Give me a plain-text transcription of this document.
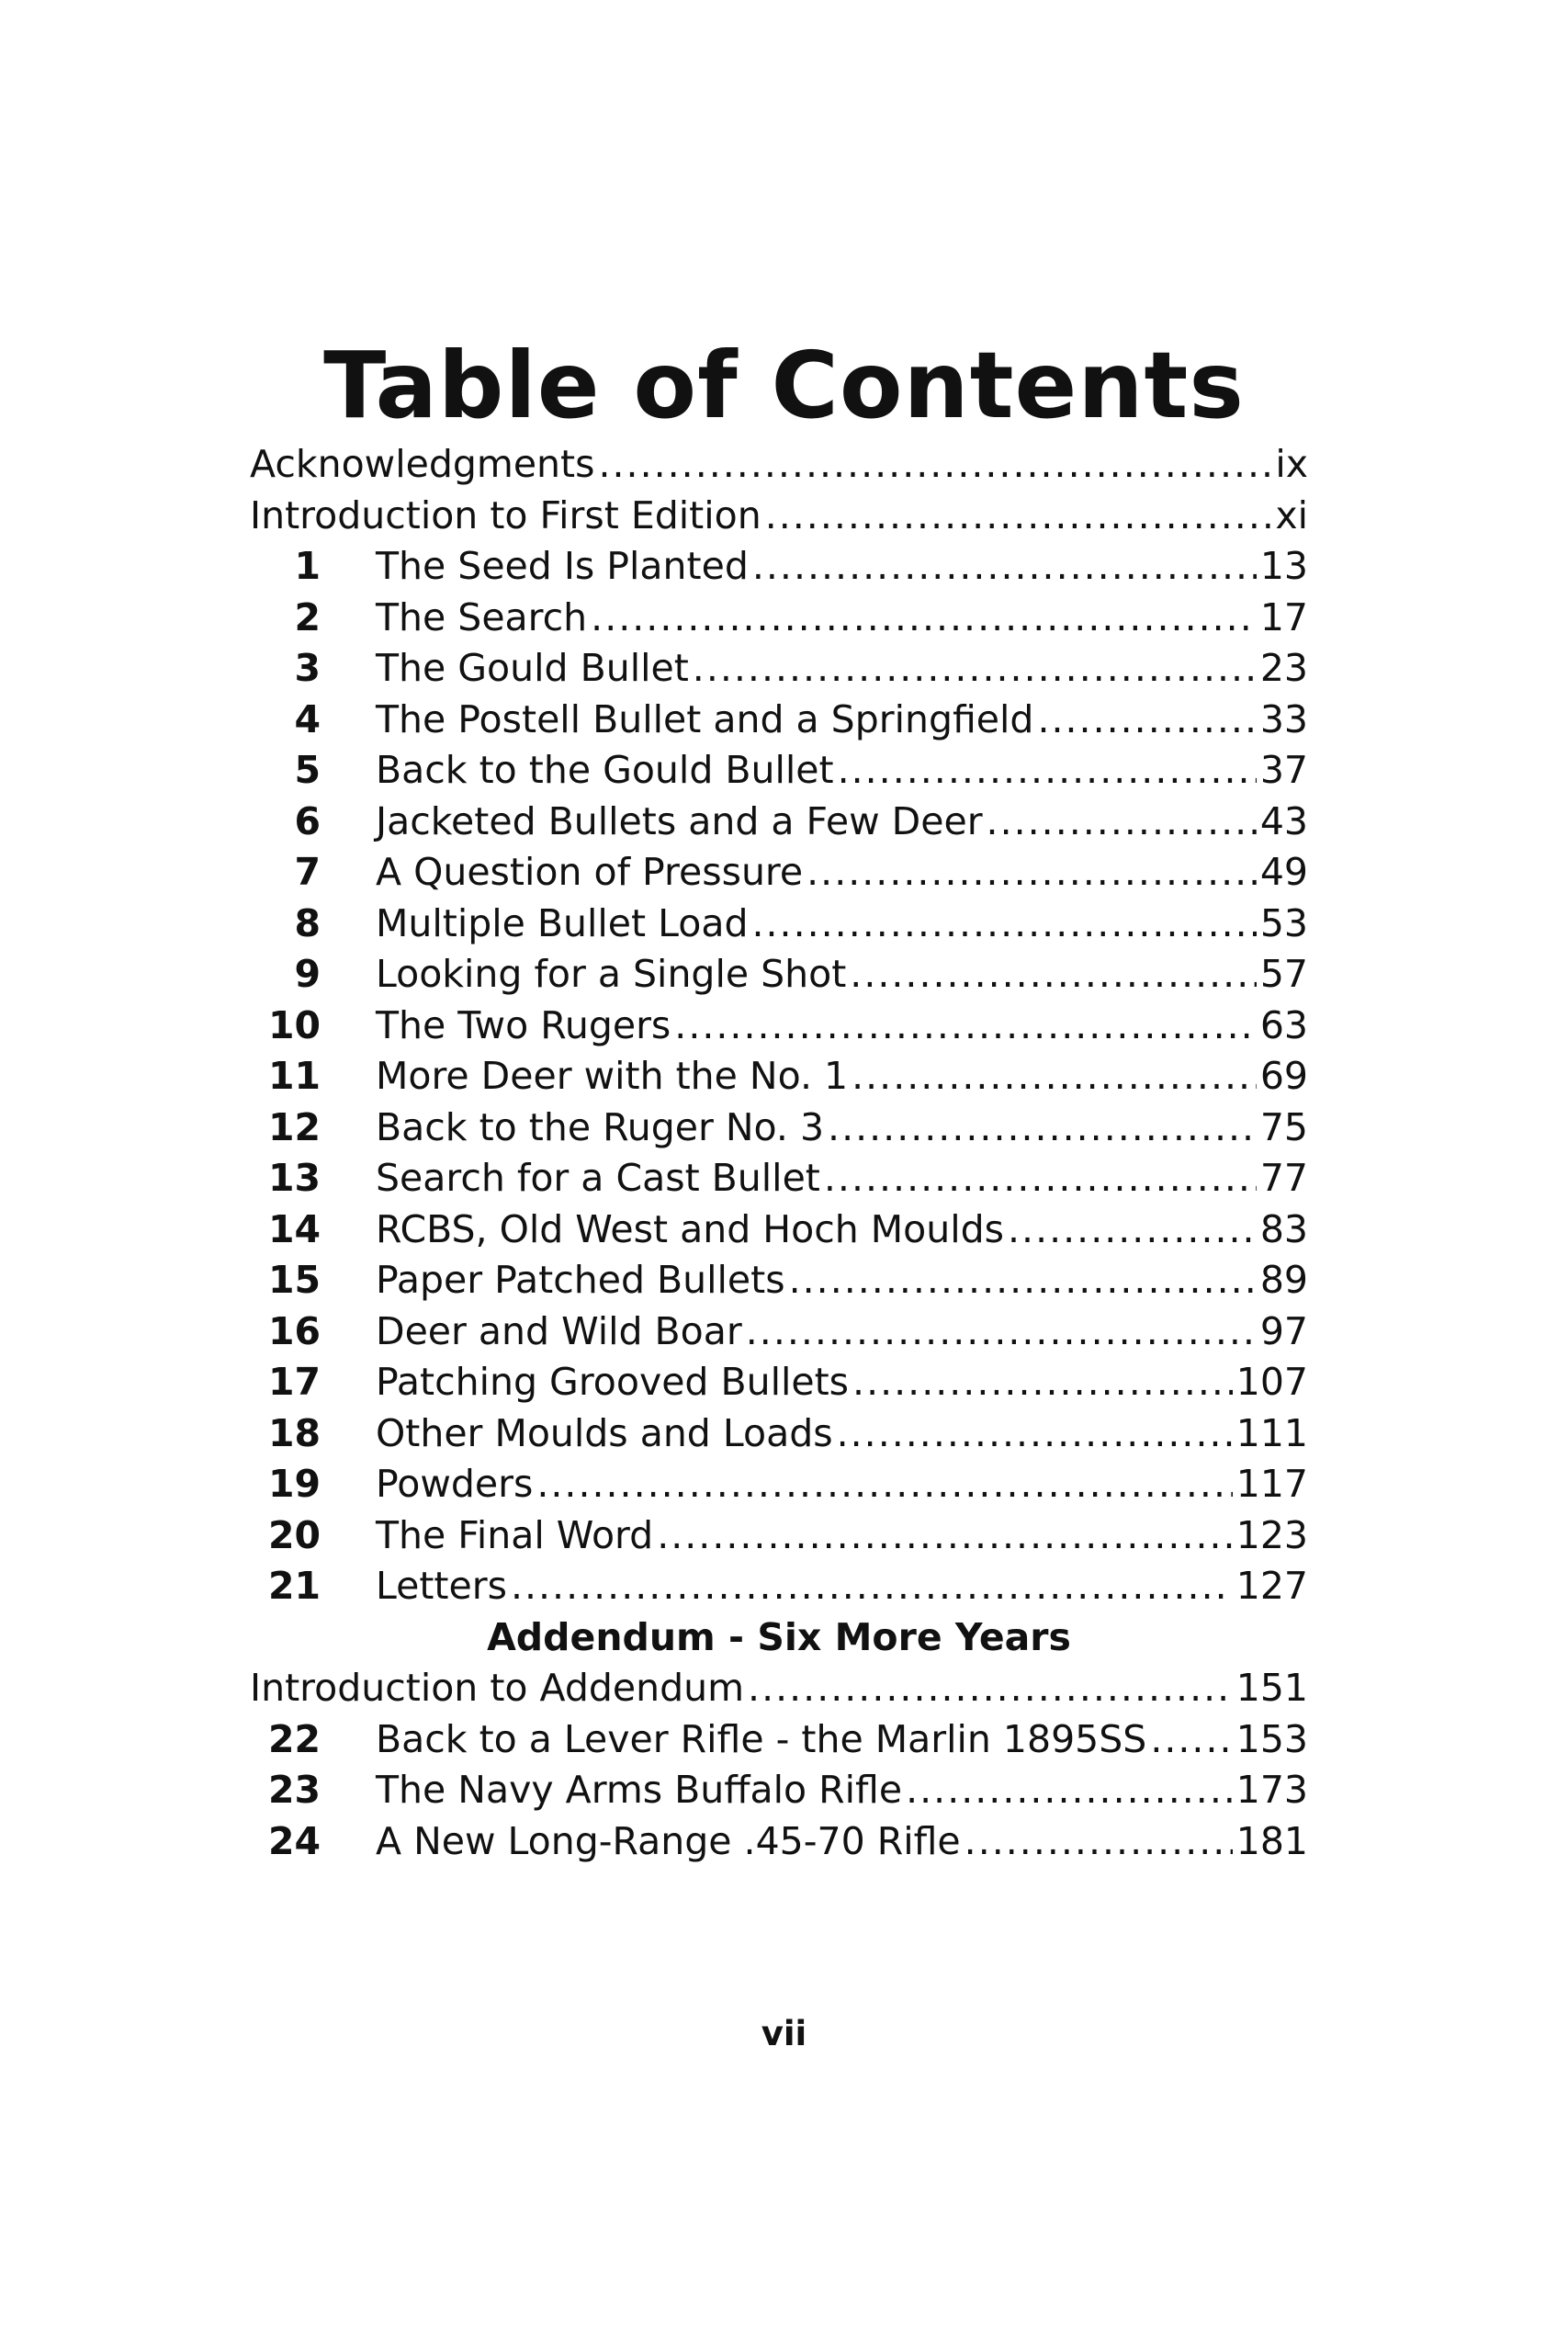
Table of Contents
Acknowledgments .....	ix
Introduction to First Edition .....	xi
1 The Seed Is Planted .....	13
2 The Search .....	17
3 The Gould Bullet .....	23
4 The Postell Bullet and a Springfield .....	33
5 Back to the Gould Bullet .....	37
6 Jacketed Bullets and a Few Deer .....	43
7 A Question of Pressure .....	49
8 Multiple Bullet Load .....	53
9 Looking for a Single Shot .....	57
10 The Two Rugers .....	63
11 More Deer with the No. 1 .....	69
12 Back to the Ruger No. 3 .....	75
13 Search for a Cast Bullet .....	77
14 RCBS, Old West and Hoch Moulds .....	83
15 Paper Patched Bullets .....	89
16 Deer and Wild Boar .....	97
17 Patching Grooved Bullets .....	107
18 Other Moulds and Loads .....	111
19 Powders .....	117
20 The Final Word .....	123
21 Letters .....	127
Addendum - Six More Years
Introduction to Addendum .....	151
22 Back to a Lever Rifle - the Marlin 1895SS ..... 153
23 The Navy Arms Buffalo Rifle .....	173
24 A New Long-Range .45-70 Rifle .....	181
vii
